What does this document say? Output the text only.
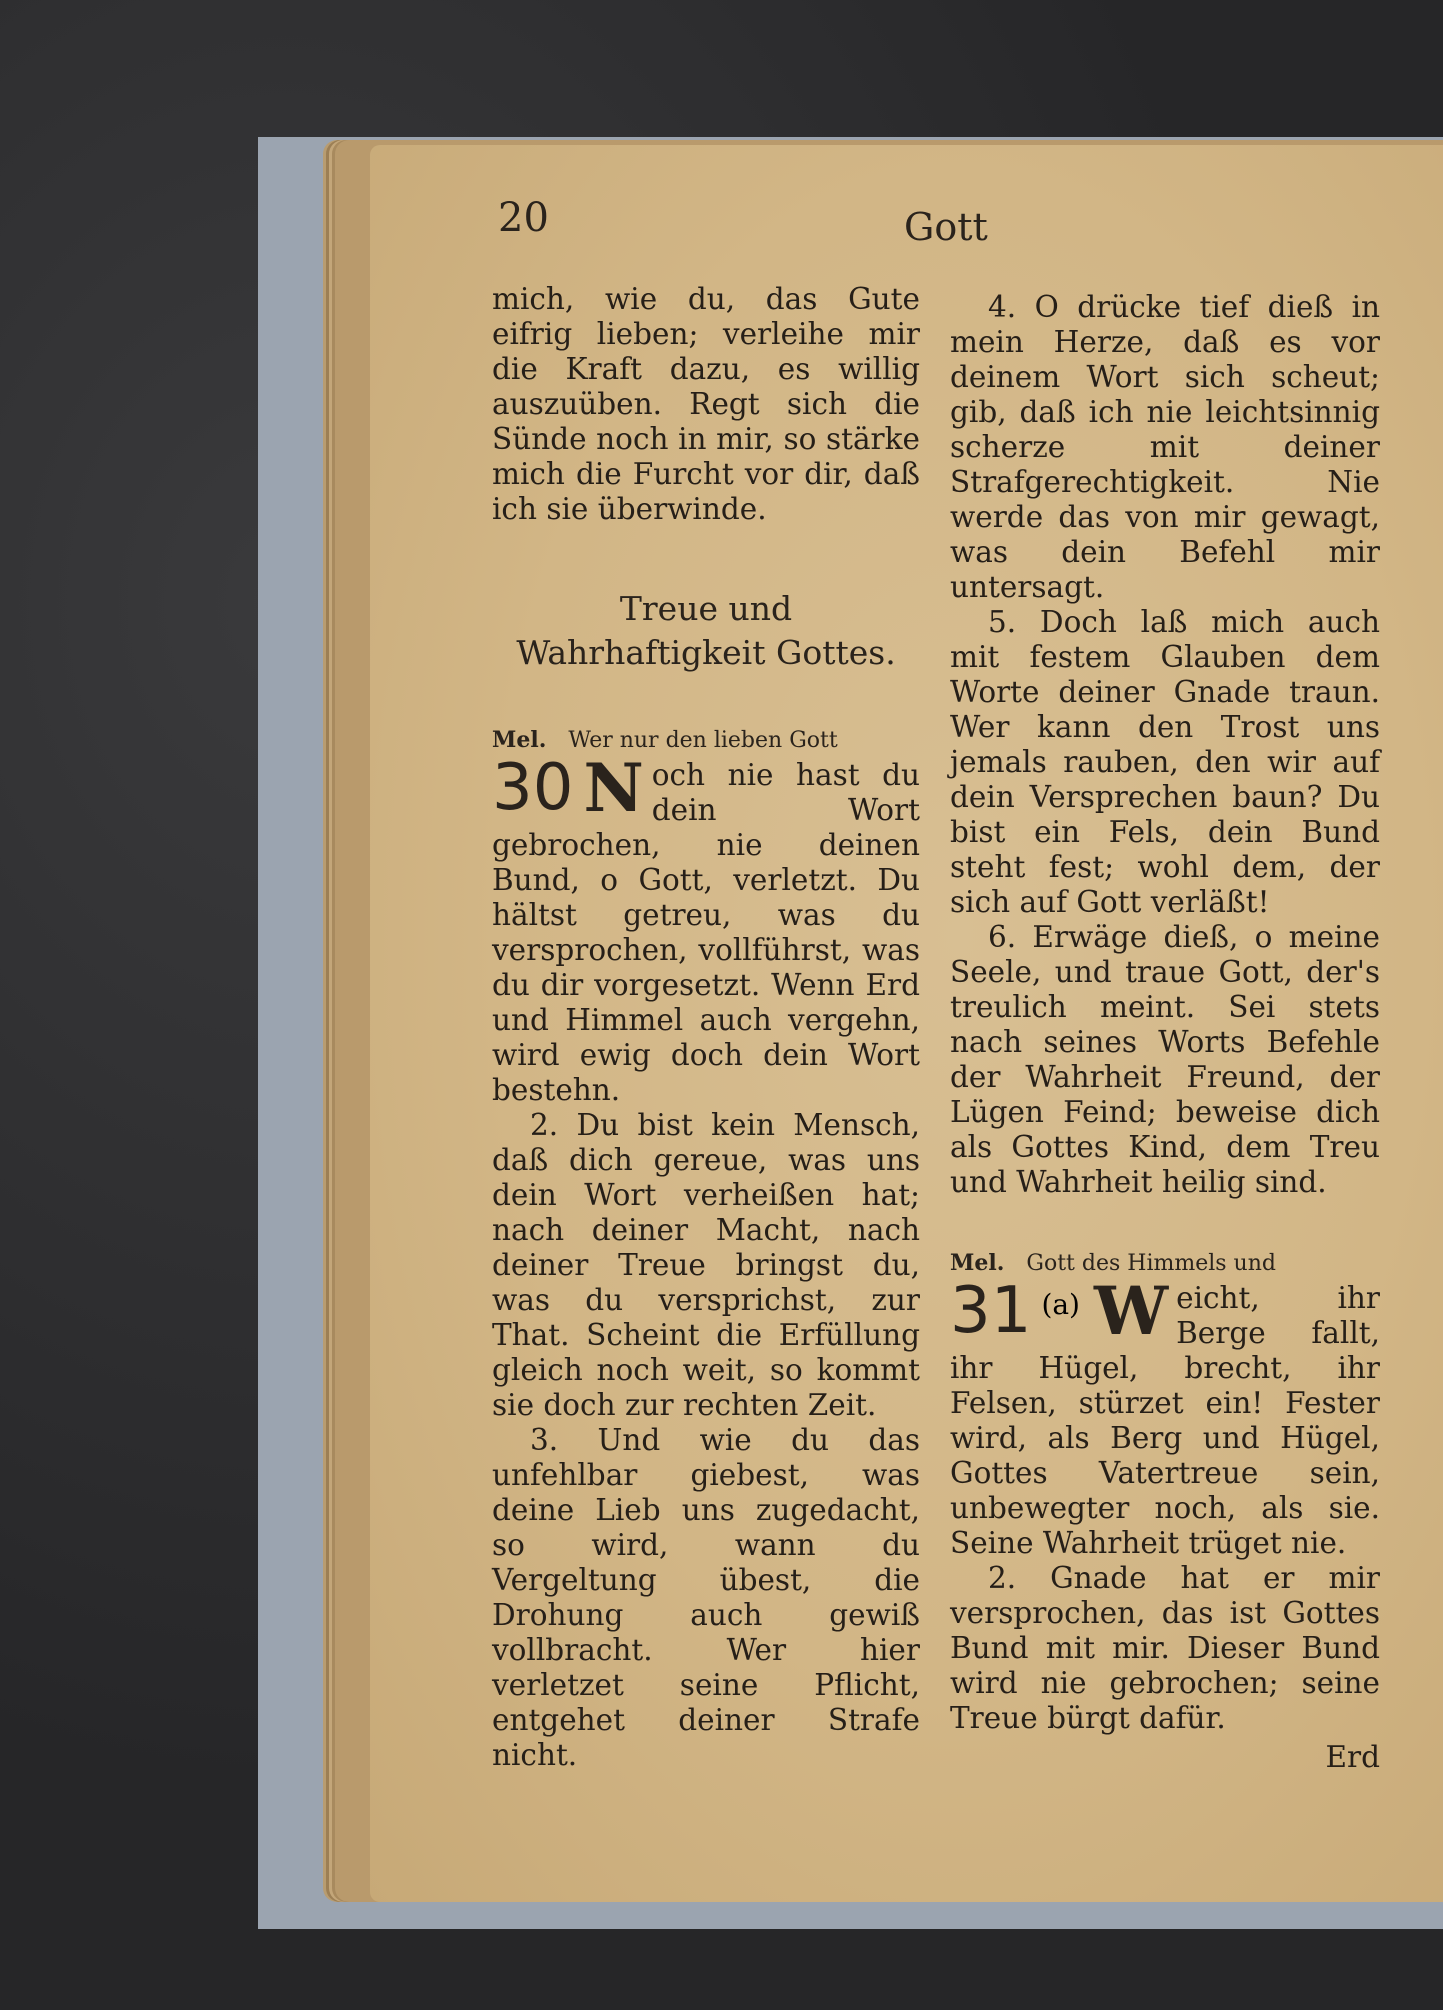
20	Gott

mich, wie du, das Gute eifrig lieben; verleihe mir die Kraft dazu, es willig auszuüben. Regt sich die Sünde noch in mir, so stärke mich die Furcht vor dir, daß ich sie überwinde.

Treue und Wahrhaftigkeit Gottes.
Mel. Wer nur den lieben Gott
30 N och nie hast du dein Wort gebrochen, nie deinen Bund, o Gott, verletzt. Du hältst getreu, was du versprochen, vollführst, was du dir vorgesetzt. Wenn Erd und Himmel auch vergehn, wird ewig doch dein Wort bestehn.

2. Du bist kein Mensch, daß dich gereue, was uns dein Wort verheißen hat; nach deiner Macht, nach deiner Treue bringst du, was du versprichst, zur That. Scheint die Erfüllung gleich noch weit, so kommt sie doch zur rechten Zeit.

3. Und wie du das unfehlbar giebest, was deine Lieb uns zugedacht, so wird, wann du Vergeltung übest, die Drohung auch gewiß vollbracht. Wer hier verletzet seine Pflicht, entgehet deiner Strafe nicht.

4. O drücke tief dieß in mein Herze, daß es vor deinem Wort sich scheut; gib, daß ich nie leichtsinnig scherze mit deiner Strafgerechtigkeit. Nie werde das von mir gewagt, was dein Befehl mir untersagt.

5. Doch laß mich auch mit festem Glauben dem Worte deiner Gnade traun. Wer kann den Trost uns jemals rauben, den wir auf dein Versprechen baun? Du bist ein Fels, dein Bund steht fest; wohl dem, der sich auf Gott verläßt!

6. Erwäge dieß, o meine Seele, und traue Gott, der's treulich meint. Sei stets nach seines Worts Befehle der Wahrheit Freund, der Lügen Feind; beweise dich als Gottes Kind, dem Treu und Wahrheit heilig sind.

Mel. Gott des Himmels und
31 (a) W eicht, ihr Berge fallt, ihr Hügel, brecht, ihr Felsen, stürzet ein! Fester wird, als Berg und Hügel, Gottes Vatertreue sein, unbewegter noch, als sie. Seine Wahrheit trüget nie.

2. Gnade hat er mir versprochen, das ist Gottes Bund mit mir. Dieser Bund wird nie gebrochen; seine Treue bürgt dafür.

Erd
